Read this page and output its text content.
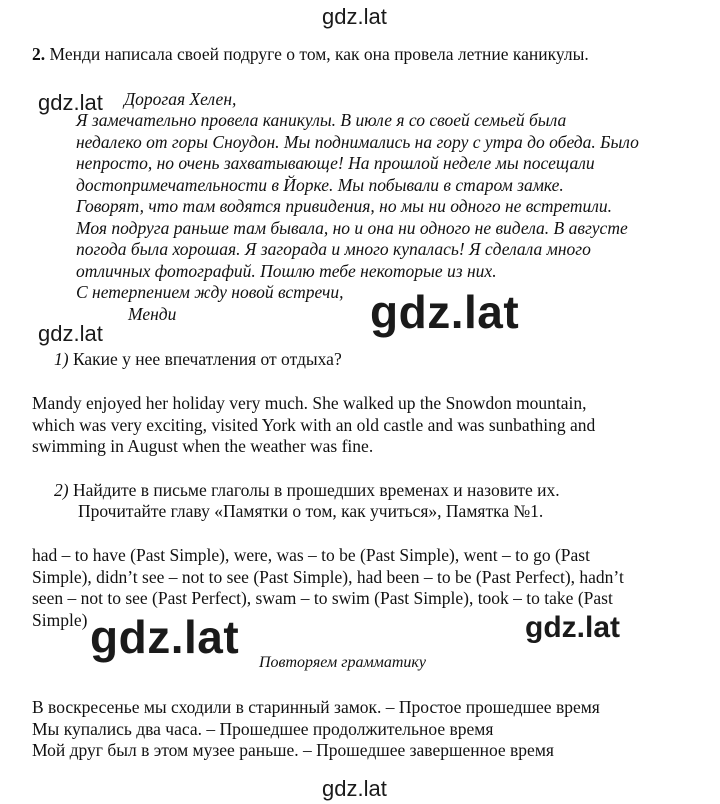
gdz.lat
2. Менди написала своей подруге о том, как она провела летние каникулы.
gdz.lat Дорогая Хелен,
Я замечательно провела каникулы. В июле я со своей семьей была
недалеко от горы Сноудон. Мы поднимались на гору с утра до обеда. Было
непросто, но очень захватывающе! На прошлой неделе мы посещали
достопримечательности в Йорке. Мы побывали в старом замке.
Говорят, что там водятся привидения, но мы ни одного не встретили.
Моя подруга раньше там бывала, но и она ни одного не видела. В августе
погода была хорошая. Я загорада и много купалась! Я сделала много
отличных фотографий. Пошлю тебе некоторые из них.
С нетерпением жду новой встречи, gdz.lat
Менди
gdz.lat
1) Какие у нее впечатления от отдыха?
Mandy enjoyed her holiday very much. She walked up the Snowdon mountain,
which was very exciting, visited York with an old castle and was sunbathing and
swimming in August when the weather was fine.
2) Найдите в письме глаголы в прошедших временах и назовите их.
Прочитайте главу «Памятки о том, как учиться», Памятка №1.
had – to have (Past Simple), were, was – to be (Past Simple), went – to go (Past
Simple), didn’t see – not to see (Past Simple), had been – to be (Past Perfect), hadn’t
seen – not to see (Past Perfect), swam – to swim (Past Simple), took – to take (Past
Simple) gdz.lat	gdz.lat
Повторяем грамматику
В воскресенье мы сходили в старинный замок. – Простое прошедшее время
Мы купались два часа. – Прошедшее продолжительное время
Мой друг был в этом музее раньше. – Прошедшее завершенное время
gdz.lat
